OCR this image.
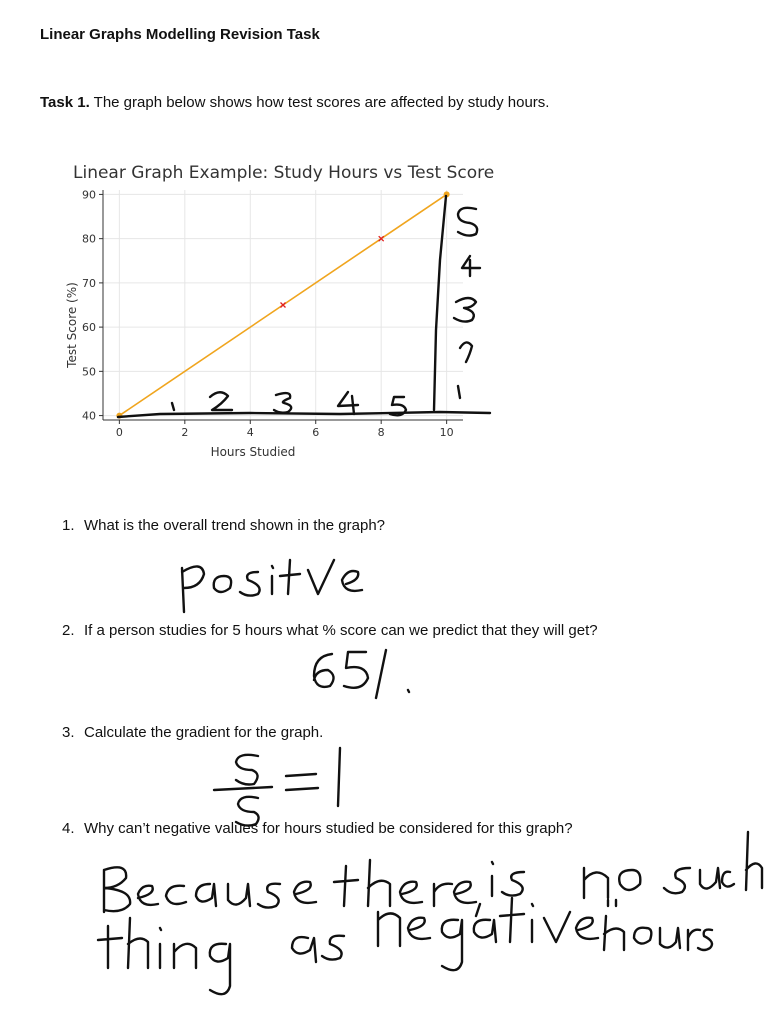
Linear Graphs Modelling Revision Task
Task 1. The graph below shows how test scores are affected by study hours.
Linear Graph Example: Study Hours vs Test Score
0	2	4	6	8	10
40
50
60
70
80
90
Hours Studied
Test Score (%)
1. What is the overall trend shown in the graph?
2. If a person studies for 5 hours what % score can we predict that they will get?
3. Calculate the gradient for the graph.
4. Why can’t negative values for hours studied be considered for this graph?
